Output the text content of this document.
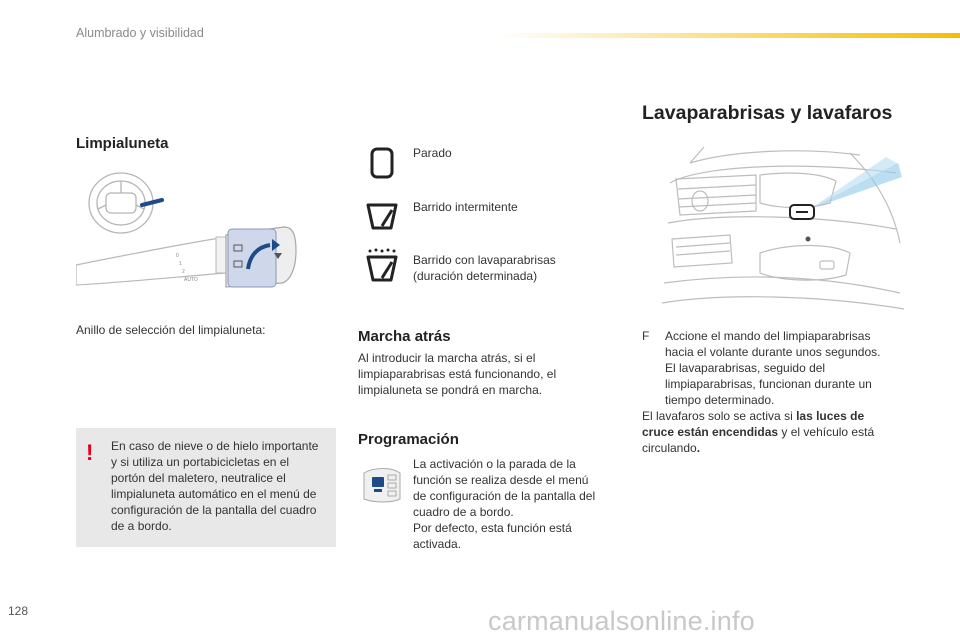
Alumbrado y visibilidad
Limpialuneta
0
1
2
AUTO
Anillo de selección del limpialuneta:
! En caso de nieve o de hielo importante
y si utiliza un portabicicletas en el
portón del maletero, neutralice el
limpialuneta automático en el menú de
configuración de la pantalla del cuadro
de a bordo.
Parado
Barrido intermitente
Barrido con lavaparabrisas
(duración determinada)
Marcha atrás
Al introducir la marcha atrás, si el
limpiaparabrisas está funcionando, el
limpialuneta se pondrá en marcha.
Programación
La activación o la parada de la
función se realiza desde el menú
de configuración de la pantalla del
cuadro de a bordo.
Por defecto, esta función está
activada.
Lavaparabrisas y lavafaros
F Accione el mando del limpiaparabrisas
hacia el volante durante unos segundos.
El lavaparabrisas, seguido del
limpiaparabrisas, funcionan durante un
tiempo determinado.
El lavafaros solo se activa si las luces de
cruce están encendidas y el vehículo está
circulando.
128	carmanualsonline.info
